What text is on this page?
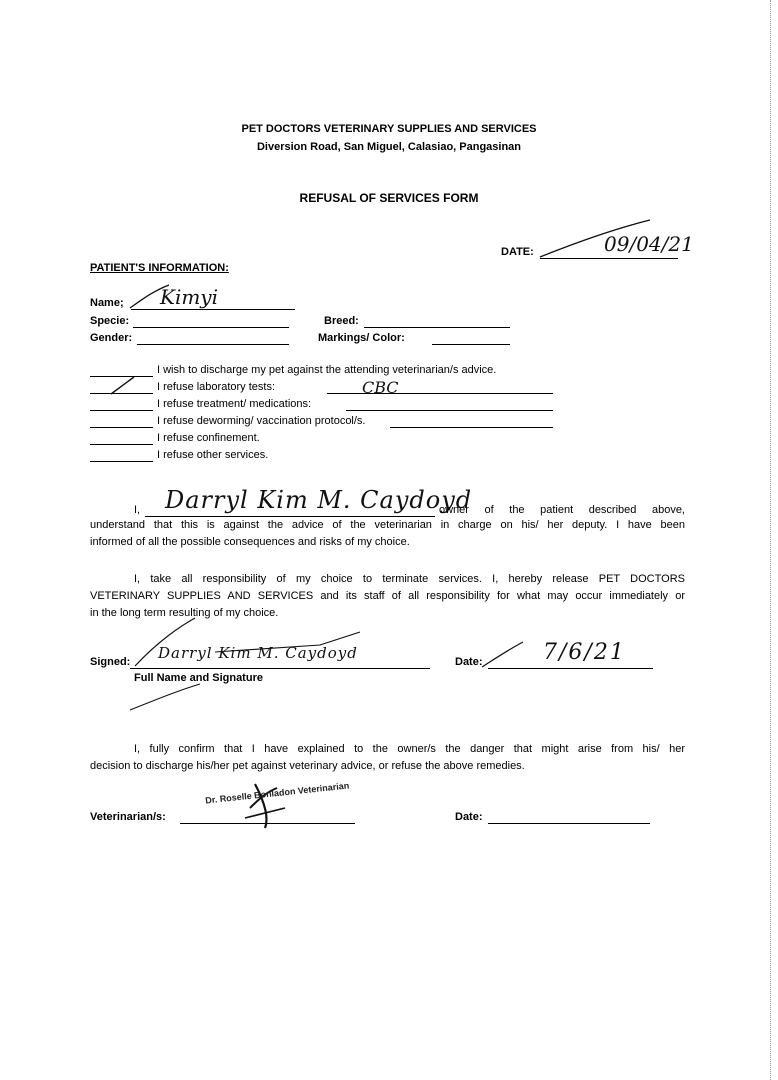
PET DOCTORS VETERINARY SUPPLIES AND SERVICES
Diversion Road, San Miguel, Calasiao, Pangasinan
REFUSAL OF SERVICES FORM
DATE:	09/04/21
PATIENT'S INFORMATION:
Name; Kimyi
Specie:	Breed:
Gender:	Markings/ Color:
I wish to discharge my pet against the attending veterinarian/s advice.
I refuse laboratory tests:	CBC
I refuse treatment/ medications:
I refuse deworming/ vaccination protocol/s.
I refuse confinement.
I refuse other services.
I, Darryl Kim M. Caydoyd
owner of the patient described above,
understand that this is against the advice of the veterinarian in charge on his/ her deputy. I have been
informed of all the possible consequences and risks of my choice.
I, take all responsibility of my choice to terminate services. I, hereby release PET DOCTORS
VETERINARY SUPPLIES AND SERVICES and its staff of all responsibility for what may occur immediately or
in the long term resulting of my choice.
Signed: Darryl Kim M. Caydoyd
Full Name and Signature
Date:	7/6/21
I, fully confirm that I have explained to the owner/s the danger that might arise from his/ her
decision to discharge his/her pet against veterinary advice, or refuse the above remedies.
Veterinarian/s:
Dr. Roselle Bonladon Veterinarian
Date:
